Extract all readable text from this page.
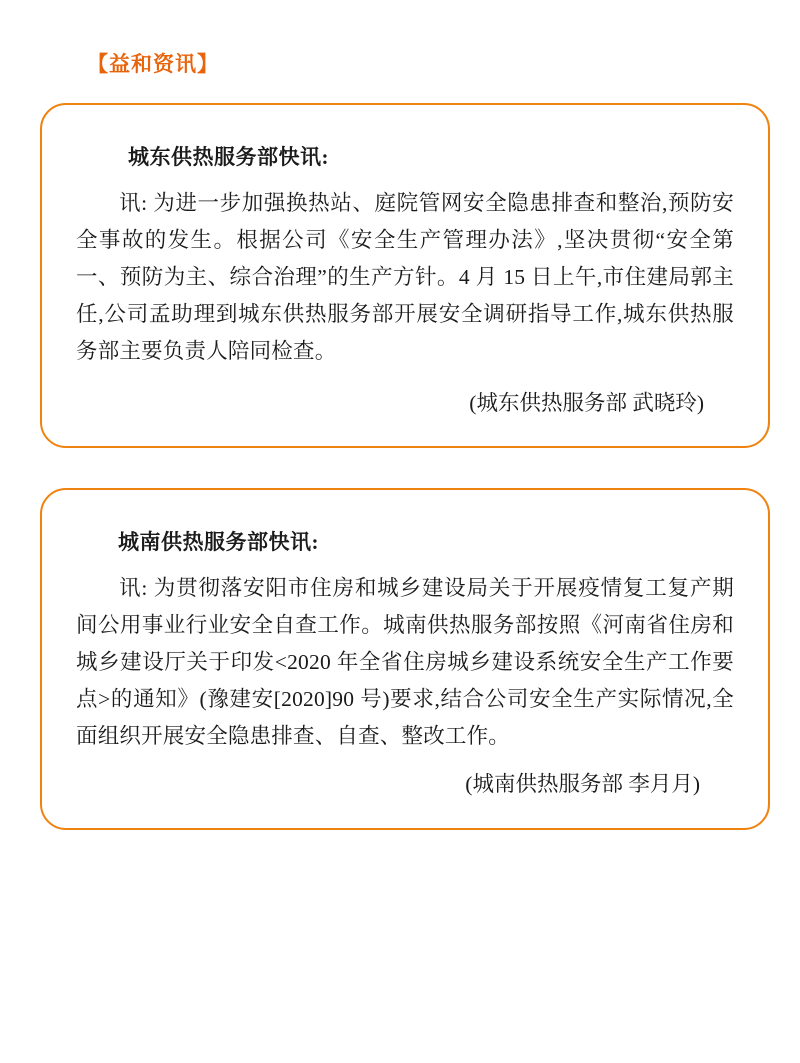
【益和资讯】
城东供热服务部快讯:

讯: 为进一步加强换热站、庭院管网安全隐患排查和整治,预防安全事故的发生。根据公司《安全生产管理办法》,坚决贯彻“安全第一、预防为主、综合治理”的生产方针。4 月 15 日上午,市住建局郭主任,公司孟助理到城东供热服务部开展安全调研指导工作,城东供热服务部主要负责人陪同检查。

(城东供热服务部 武晓玲)
城南供热服务部快讯:

讯: 为贯彻落安阳市住房和城乡建设局关于开展疫情复工复产期间公用事业行业安全自查工作。城南供热服务部按照《河南省住房和城乡建设厅关于印发<2020 年全省住房城乡建设系统安全生产工作要点>的通知》(豫建安[2020]90 号)要求,结合公司安全生产实际情况,全面组织开展安全隐患排查、自查、整改工作。

(城南供热服务部 李月月)
